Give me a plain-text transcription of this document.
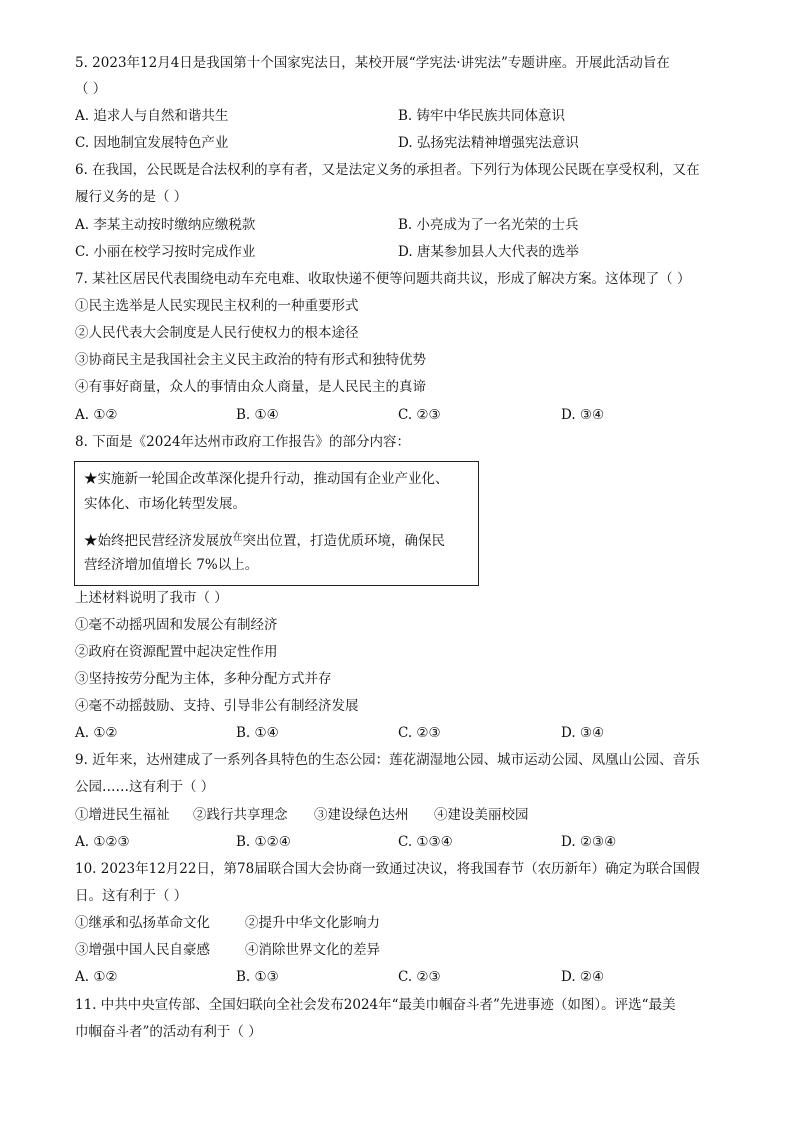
5. 2023年12月4日是我国第十个国家宪法日，某校开展“学宪法·讲宪法”专题讲座。开展此活动旨在
（ ）
A. 追求人与自然和谐共生	B. 铸牢中华民族共同体意识
C. 因地制宜发展特色产业	D. 弘扬宪法精神增强宪法意识
6. 在我国，公民既是合法权利的享有者，又是法定义务的承担者。下列行为体现公民既在享受权利，又在
履行义务的是（ ）
A. 李某主动按时缴纳应缴税款	B. 小亮成为了一名光荣的士兵
C. 小丽在校学习按时完成作业	D. 唐某参加县人大代表的选举
7. 某社区居民代表围绕电动车充电难、收取快递不便等问题共商共议，形成了解决方案。这体现了（ ）
①民主选举是人民实现民主权利的一种重要形式
②人民代表大会制度是人民行使权力的根本途径
③协商民主是我国社会主义民主政治的特有形式和独特优势
④有事好商量，众人的事情由众人商量，是人民民主的真谛
A. ①②	B. ①④	C. ②③	D. ③④
8. 下面是《2024年达州市政府工作报告》的部分内容：
★实施新一轮国企改革深化提升行动，推动国有企业产业化、
实体化、市场化转型发展。
★始终把民营经济发展放$^在$突出位置，打造优质环境，确保民
营经济增加值增长 7%以上。
上述材料说明了我市（ ）
①毫不动摇巩固和发展公有制经济
②政府在资源配置中起决定性作用
③坚持按劳分配为主体，多种分配方式并存
④毫不动摇鼓励、支持、引导非公有制经济发展
A. ①②	B. ①④	C. ②③	D. ③④
9. 近年来，达州建成了一系列各具特色的生态公园：莲花湖湿地公园、城市运动公园、凤凰山公园、音乐
公园……这有利于（ ）
①增进民生福祉 ②践行共享理念 ③建设绿色达州 ④建设美丽校园
A. ①②③	B. ①②④	C. ①③④	D. ②③④
10. 2023年12月22日，第78届联合国大会协商一致通过决议，将我国春节（农历新年）确定为联合国假
日。这有利于（ ）
①继承和弘扬革命文化	②提升中华文化影响力
③增强中国人民自豪感	④消除世界文化的差异
A. ①②	B. ①③	C. ②③	D. ②④
11. 中共中央宣传部、全国妇联向全社会发布2024年“最美巾帼奋斗者”先进事迹（如图）。评选“最美
巾帼奋斗者”的活动有利于（ ）
